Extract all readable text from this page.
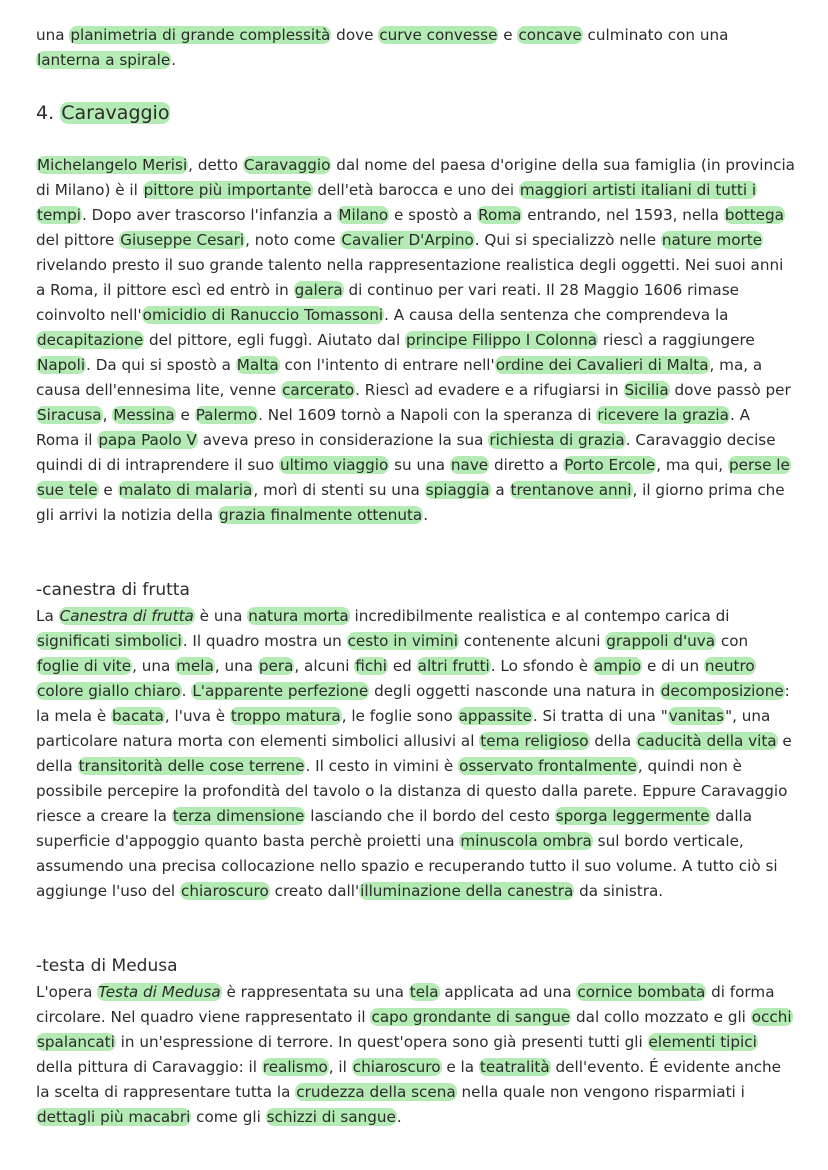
una planimetria di grande complessità dove curve convesse e concave culminato con una lanterna a spirale.

4. Caravaggio

Michelangelo Merisi, detto Caravaggio dal nome del paesa d'origine della sua famiglia (in provincia di Milano) è il pittore più importante dell'età barocca e uno dei maggiori artisti italiani di tutti i tempi. Dopo aver trascorso l'infanzia a Milano e spostò a Roma entrando, nel 1593, nella bottega del pittore Giuseppe Cesari, noto come Cavalier D'Arpino. Qui si specializzò nelle nature morte rivelando presto il suo grande talento nella rappresentazione realistica degli oggetti. Nei suoi anni a Roma, il pittore escì ed entrò in galera di continuo per vari reati. Il 28 Maggio 1606 rimase coinvolto nell'omicidio di Ranuccio Tomassoni. A causa della sentenza che comprendeva la decapitazione del pittore, egli fuggì. Aiutato dal principe Filippo I Colonna riescì a raggiungere Napoli. Da qui si spostò a Malta con l'intento di entrare nell'ordine dei Cavalieri di Malta, ma, a causa dell'ennesima lite, venne carcerato. Riescì ad evadere e a rifugiarsi in Sicilia dove passò per Siracusa, Messina e Palermo. Nel 1609 tornò a Napoli con la speranza di ricevere la grazia. A Roma il papa Paolo V aveva preso in considerazione la sua richiesta di grazia. Caravaggio decise quindi di di intraprendere il suo ultimo viaggio su una nave diretto a Porto Ercole, ma qui, perse le sue tele e malato di malaria, morì di stenti su una spiaggia a trentanove anni, il giorno prima che gli arrivi la notizia della grazia finalmente ottenuta.

-canestra di frutta

La Canestra di frutta è una natura morta incredibilmente realistica e al contempo carica di significati simbolici. Il quadro mostra un cesto in vimini contenente alcuni grappoli d'uva con foglie di vite, una mela, una pera, alcuni fichi ed altri frutti. Lo sfondo è ampio e di un neutro colore giallo chiaro. L'apparente perfezione degli oggetti nasconde una natura in decomposizione: la mela è bacata, l'uva è troppo matura, le foglie sono appassite. Si tratta di una "vanitas", una particolare natura morta con elementi simbolici allusivi al tema religioso della caducità della vita e della transitorità delle cose terrene. Il cesto in vimini è osservato frontalmente, quindi non è possibile percepire la profondità del tavolo o la distanza di questo dalla parete. Eppure Caravaggio riesce a creare la terza dimensione lasciando che il bordo del cesto sporga leggermente dalla superficie d'appoggio quanto basta perchè proietti una minuscola ombra sul bordo verticale, assumendo una precisa collocazione nello spazio e recuperando tutto il suo volume. A tutto ciò si aggiunge l'uso del chiaroscuro creato dall'illuminazione della canestra da sinistra.

-testa di Medusa

L'opera Testa di Medusa è rappresentata su una tela applicata ad una cornice bombata di forma circolare. Nel quadro viene rappresentato il capo grondante di sangue dal collo mozzato e gli occhi spalancati in un'espressione di terrore. In quest'opera sono già presenti tutti gli elementi tipici della pittura di Caravaggio: il realismo, il chiaroscuro e la teatralità dell'evento. É evidente anche la scelta di rappresentare tutta la crudezza della scena nella quale non vengono risparmiati i dettagli più macabri come gli schizzi di sangue.
